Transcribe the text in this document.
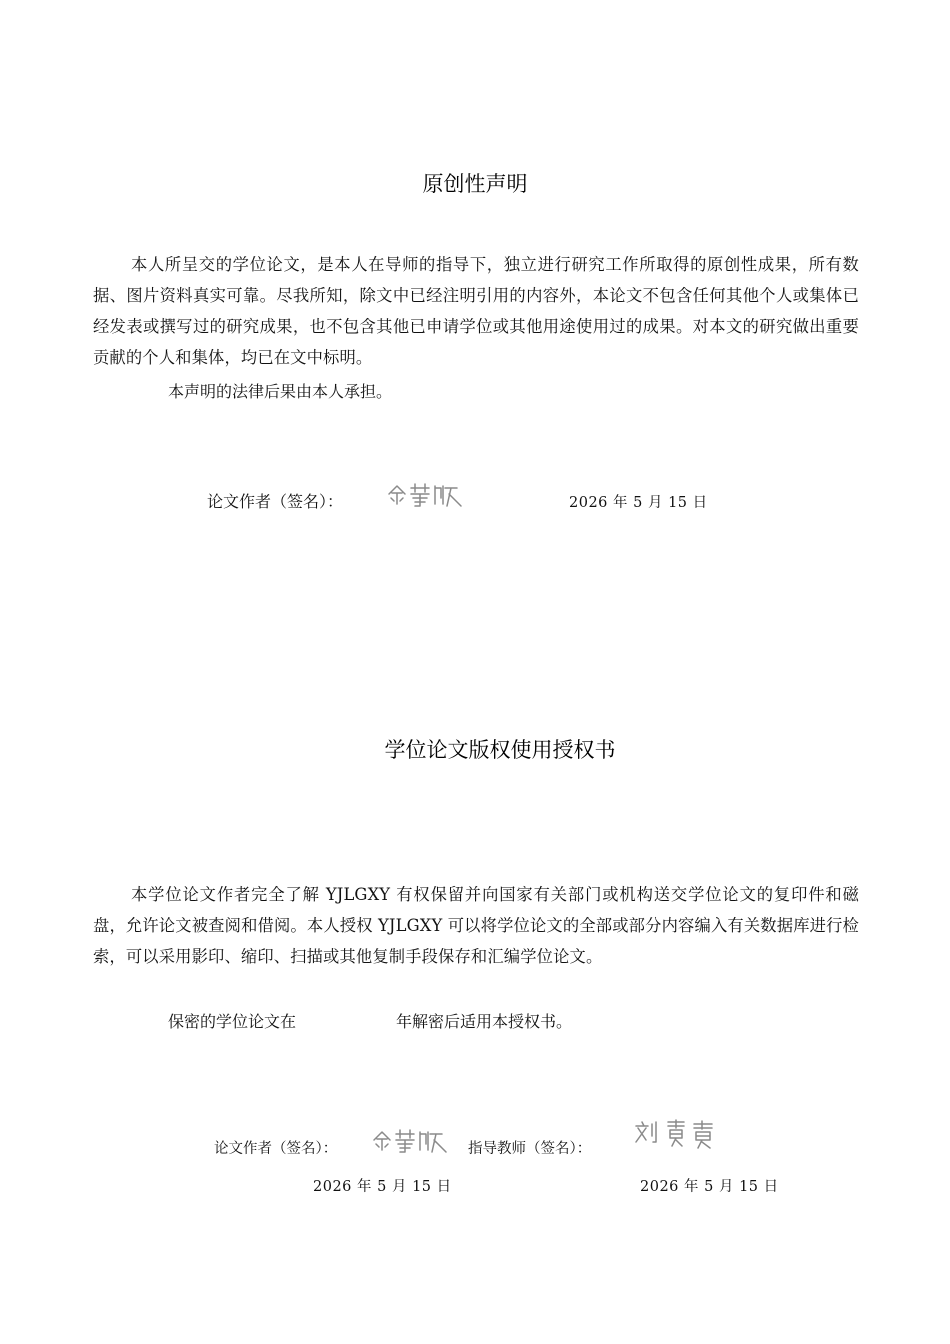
原创性声明
本人所呈交的学位论文，是本人在导师的指导下，独立进行研究工作所取得的原创性成果，所有数据、图片资料真实可靠。尽我所知，除文中已经注明引用的内容外，本论文不包含任何其他个人或集体已经发表或撰写过的研究成果，也不包含其他已申请学位或其他用途使用过的成果。对本文的研究做出重要贡献的个人和集体，均已在文中标明。
本声明的法律后果由本人承担。
论文作者（签名）：	2026 年 5 月 15 日
学位论文版权使用授权书
本学位论文作者完全了解 YJLGXY 有权保留并向国家有关部门或机构送交学位论文的复印件和磁盘，允许论文被查阅和借阅。本人授权 YJLGXY 可以将学位论文的全部或部分内容编入有关数据库进行检索，可以采用影印、缩印、扫描或其他复制手段保存和汇编学位论文。
保密的学位论文在	年解密后适用本授权书。
论文作者（签名）：	指导教师（签名）：
2026 年 5 月 15 日	2026 年 5 月 15 日
